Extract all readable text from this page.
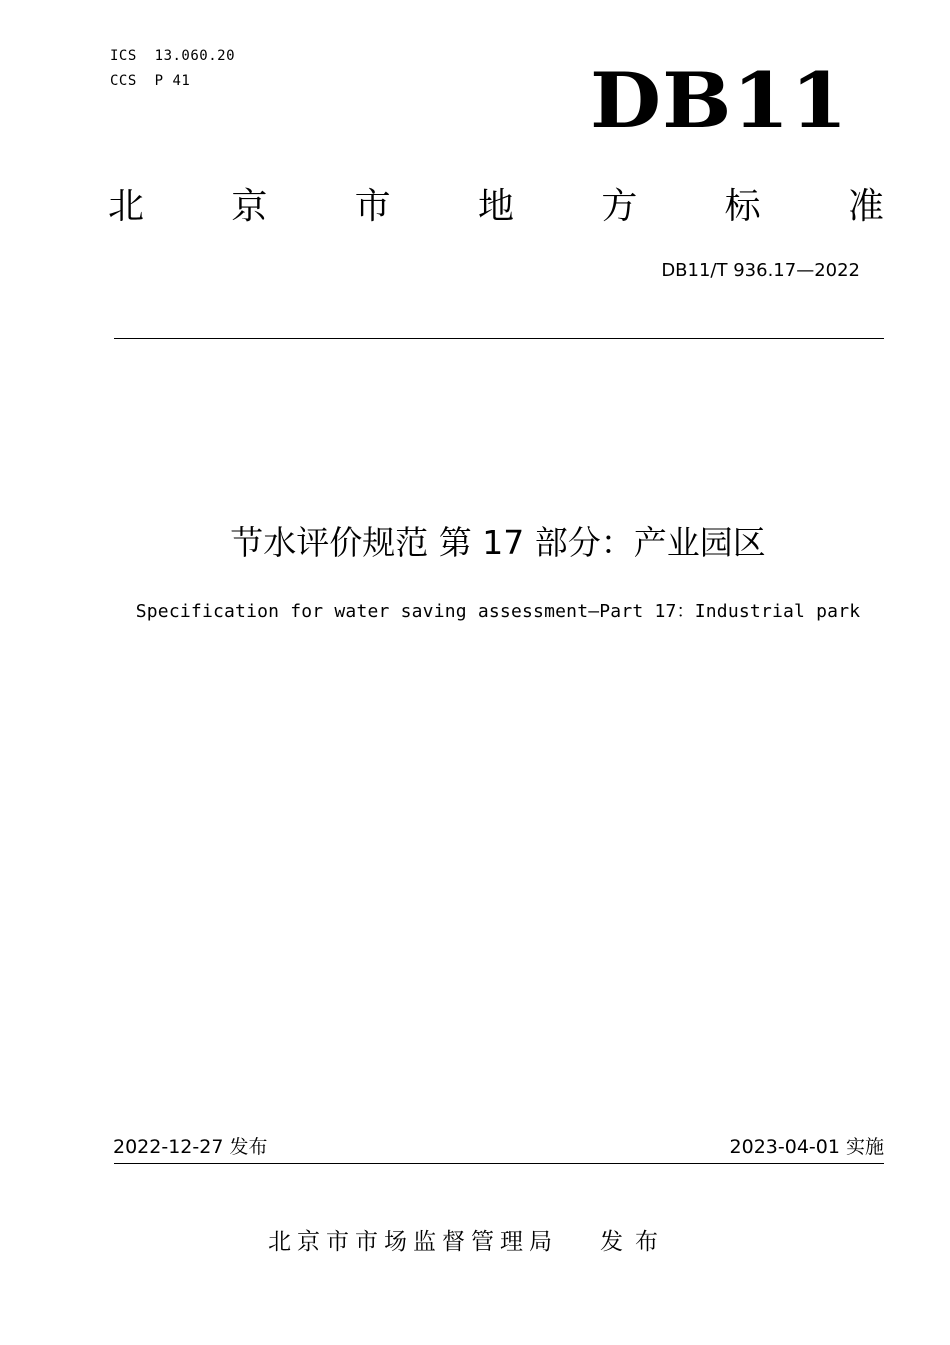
ICS  13.060.20
CCS  P 41	DB11
北 京 市 地 方 标 准
DB11/T 936.17—2022
节水评价规范 第 17 部分：产业园区
Specification for water saving assessment—Part 17：Industrial park
2022-12-27 发布	2023-04-01 实施
北京市市场监督管理局 发布
